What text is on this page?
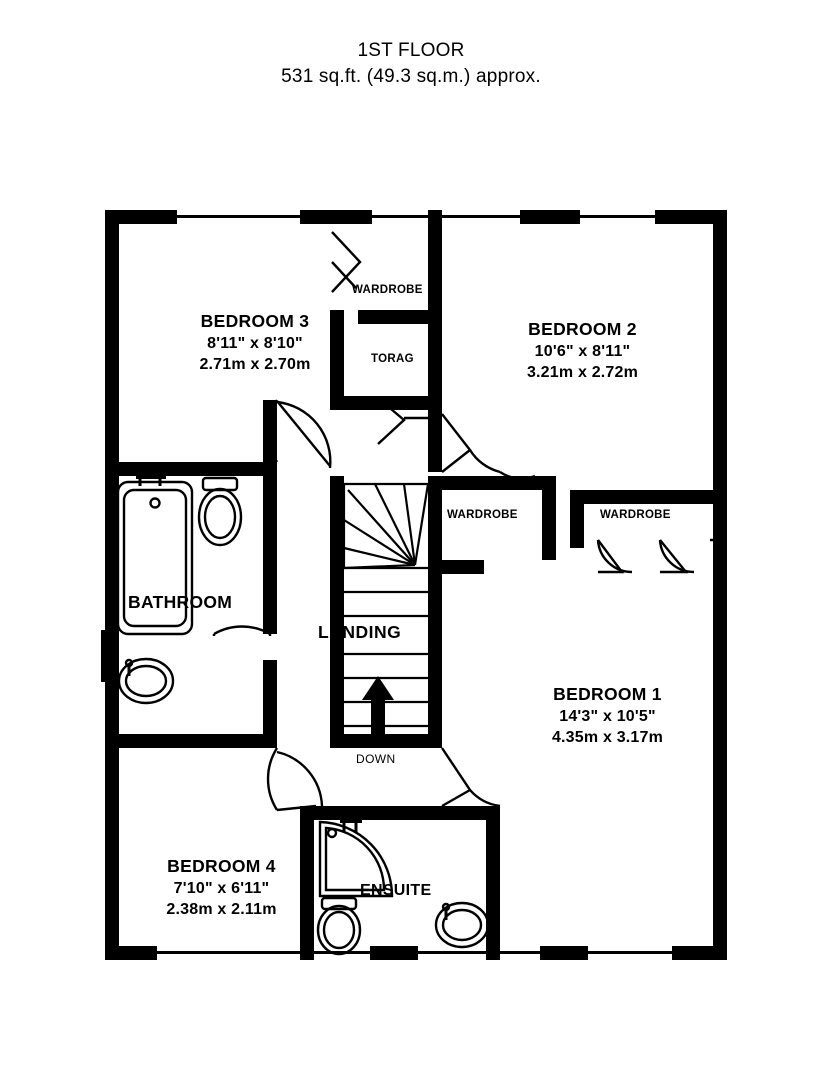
1ST FLOOR
531 sq.ft. (49.3 sq.m.) approx.
BEDROOM 3
8'11" x 8'10"
2.71m x 2.70m
BEDROOM 2
10'6" x 8'11"
3.21m x 2.72m
BEDROOM 1
14'3" x 10'5"
4.35m x 3.17m
BEDROOM 4
7'10" x 6'11"
2.38m x 2.11m
WARDROBE
TORAG
WARDROBE	WARDROBE
LANDING
DOWN
BATHROOM
ENSUITE
